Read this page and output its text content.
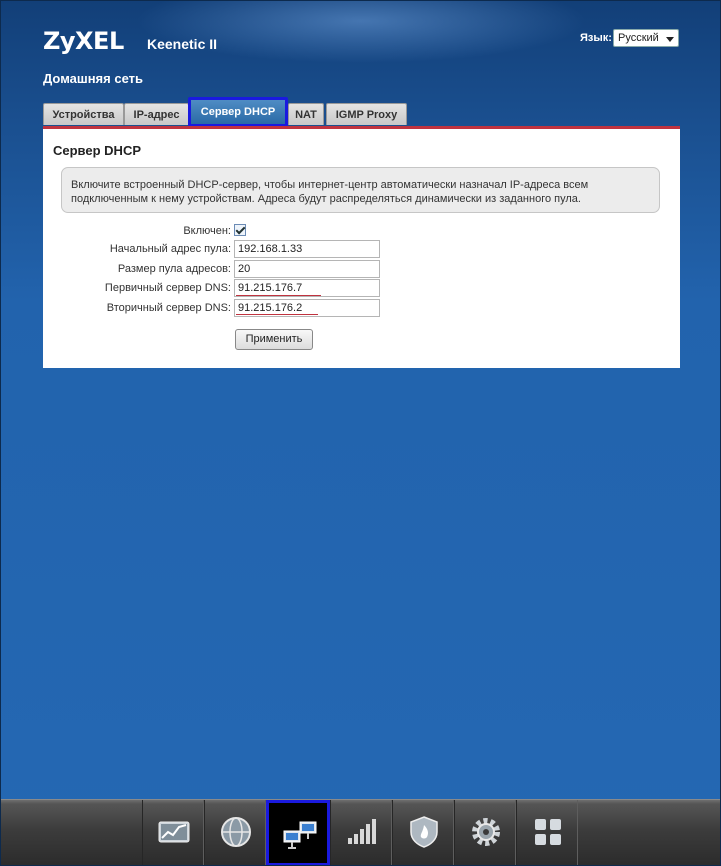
ZyXEL Keenetic II	Язык: Русский
Домашняя сеть
Устройства	IP-адрес	Сервер DHCP	NAT	IGMP Proxy
Сервер DHCP
Включите встроенный DHCP-сервер, чтобы интернет-центр автоматически назначал IP-адреса всем
подключенным к нему устройствам. Адреса будут распределяться динамически из заданного пула.
Включен:
Начальный адрес пула:
192.168.1.33
Размер пула адресов:
20
Первичный сервер DNS:
91.215.176.7
Вторичный сервер DNS:
91.215.176.2
Применить
